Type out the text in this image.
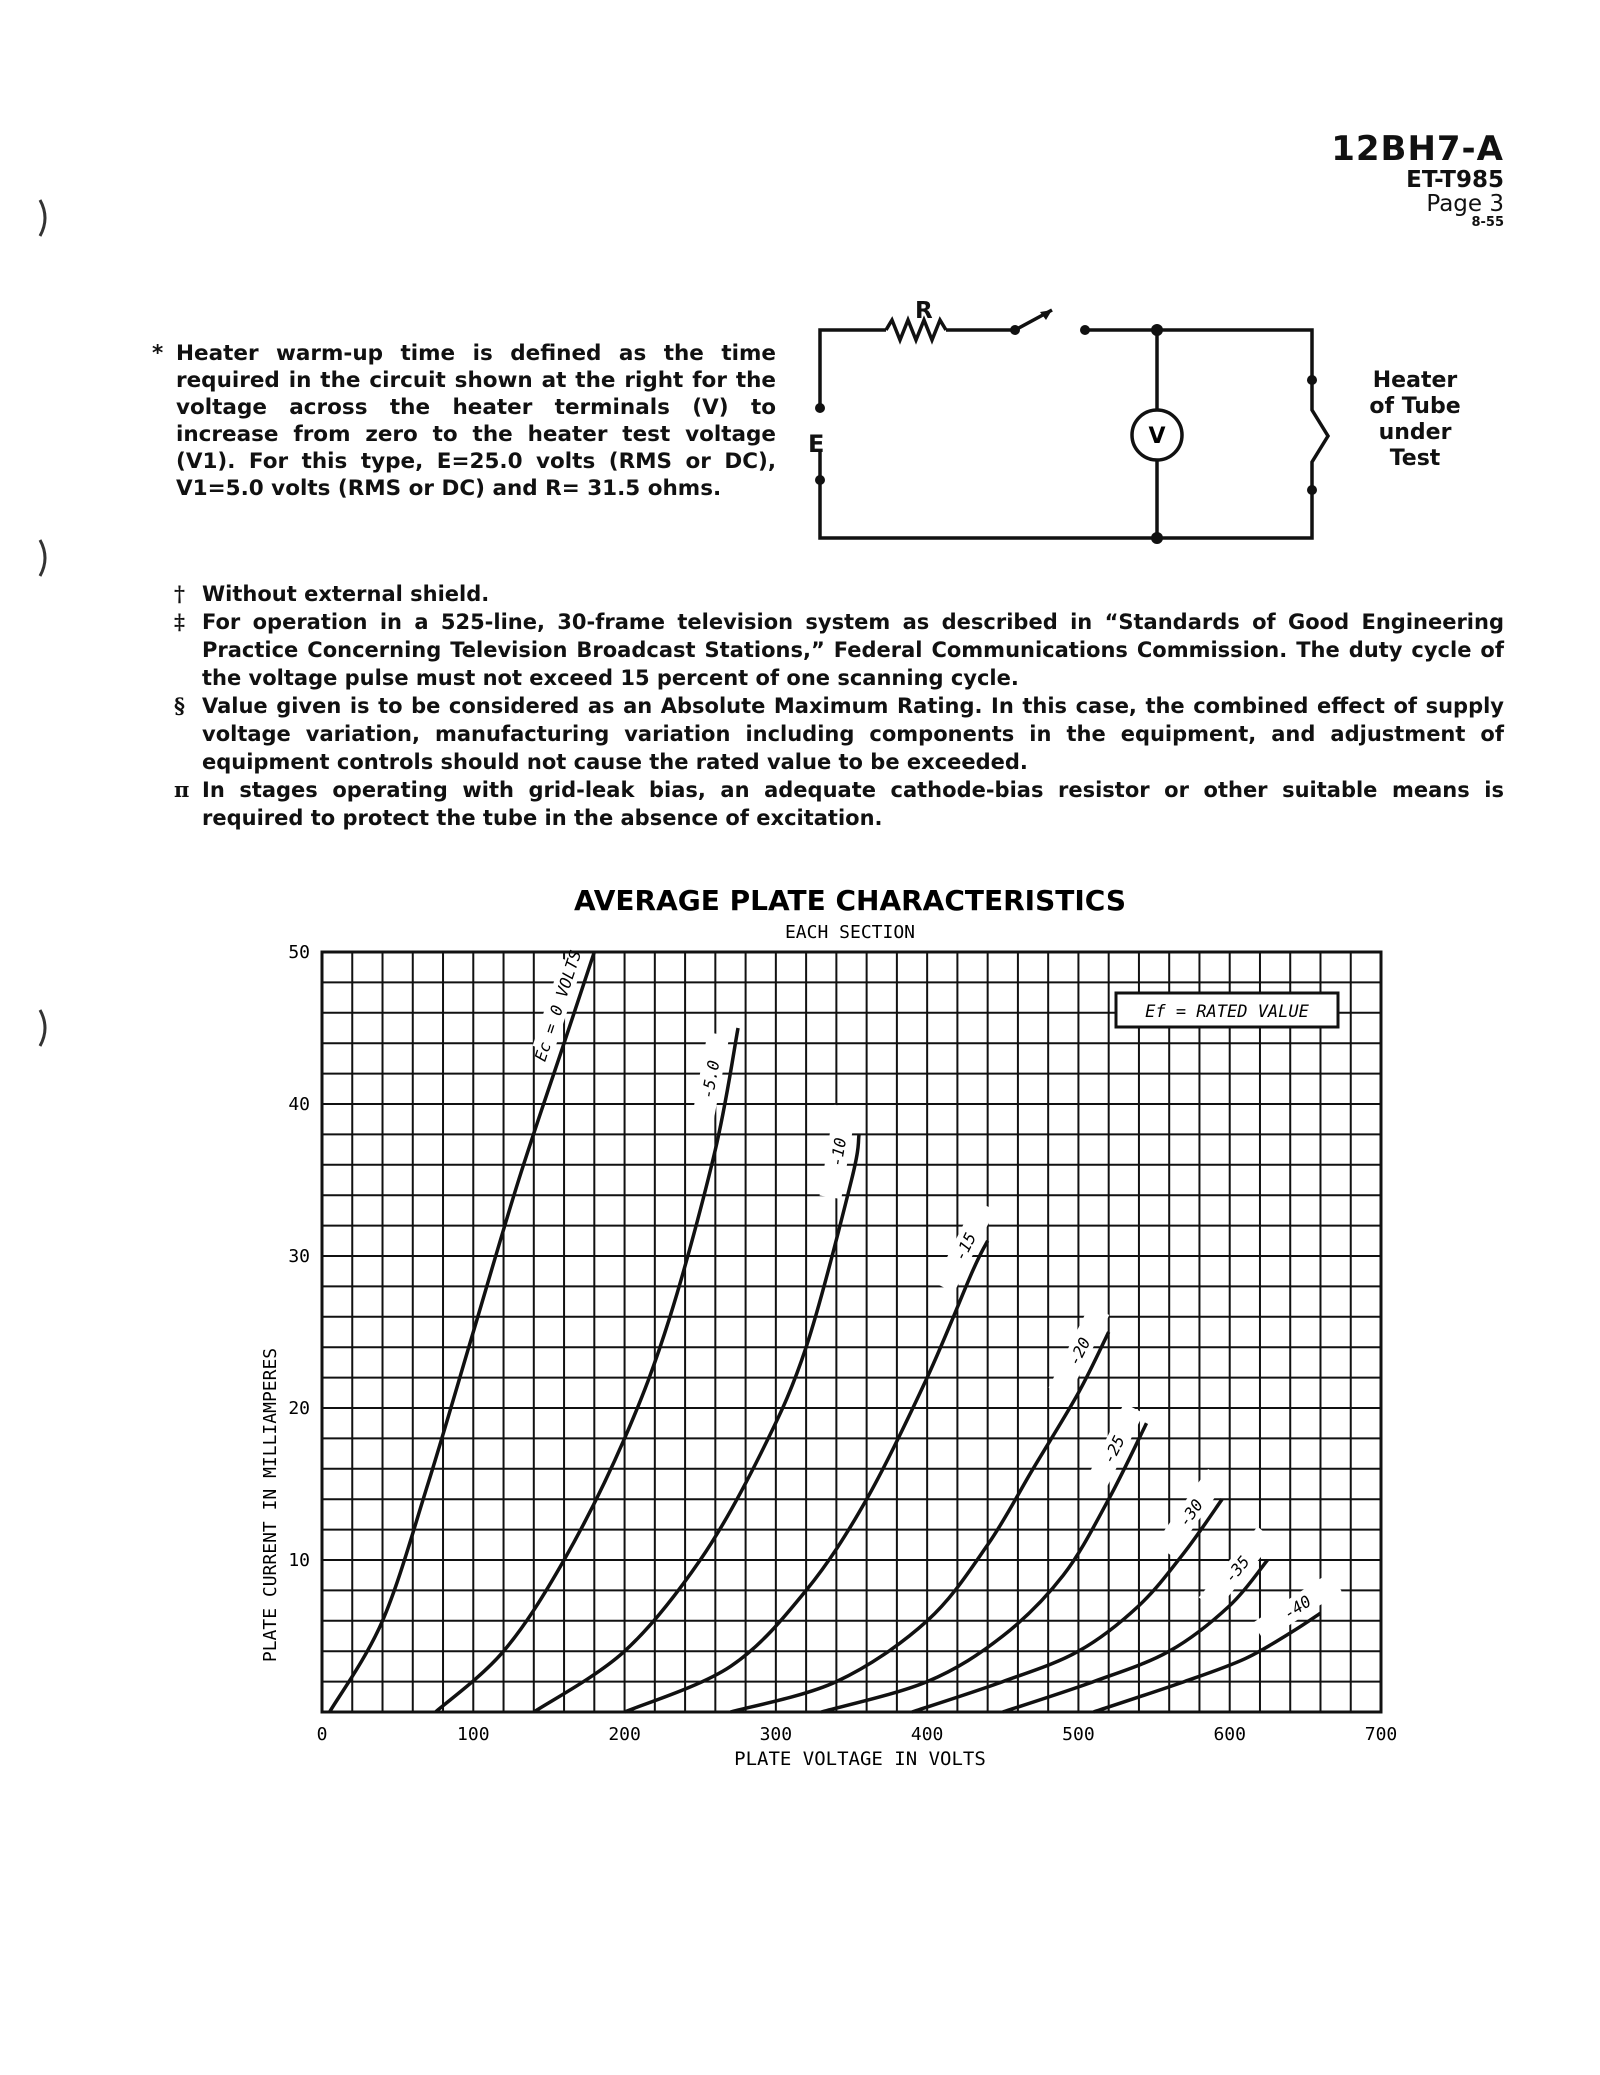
12BH7-A
ET-T985
Page 3
8-55
* Heater warm-up time is defined as the time required in the circuit shown at the right for the voltage across the heater terminals (V) to increase from zero to the heater test voltage (V1). For this type, E=25.0 volts (RMS or DC), V1=5.0 volts (RMS or DC) and R= 31.5 ohms.
V
R
E
Heater
of Tube
under
Test
† Without external shield.
‡ For operation in a 525-line, 30-frame television system as described in “Standards of Good Engineering Practice Concerning Television Broadcast Stations,” Federal Communications Commission. The duty cycle of the voltage pulse must not exceed 15 percent of one scanning cycle.
§ Value given is to be considered as an Absolute Maximum Rating. In this case, the combined effect of supply voltage variation, manufacturing variation including components in the equipment, and adjustment of equipment controls should not cause the rated value to be exceeded.
π In stages operating with grid-leak bias, an adequate cathode-bias resistor or other suitable means is required to protect the tube in the absence of excitation.
AVERAGE PLATE CHARACTERISTICS
EACH SECTION
0	100	200	300	400	500	600	700
50
40
30
20
10
Ec = 0 VOLTS
-5.0
-10
-15
-20
-25
-30
-35
-40
Ef = RATED VALUE
PLATE VOLTAGE IN VOLTS
PLATE CURRENT IN MILLIAMPERES
